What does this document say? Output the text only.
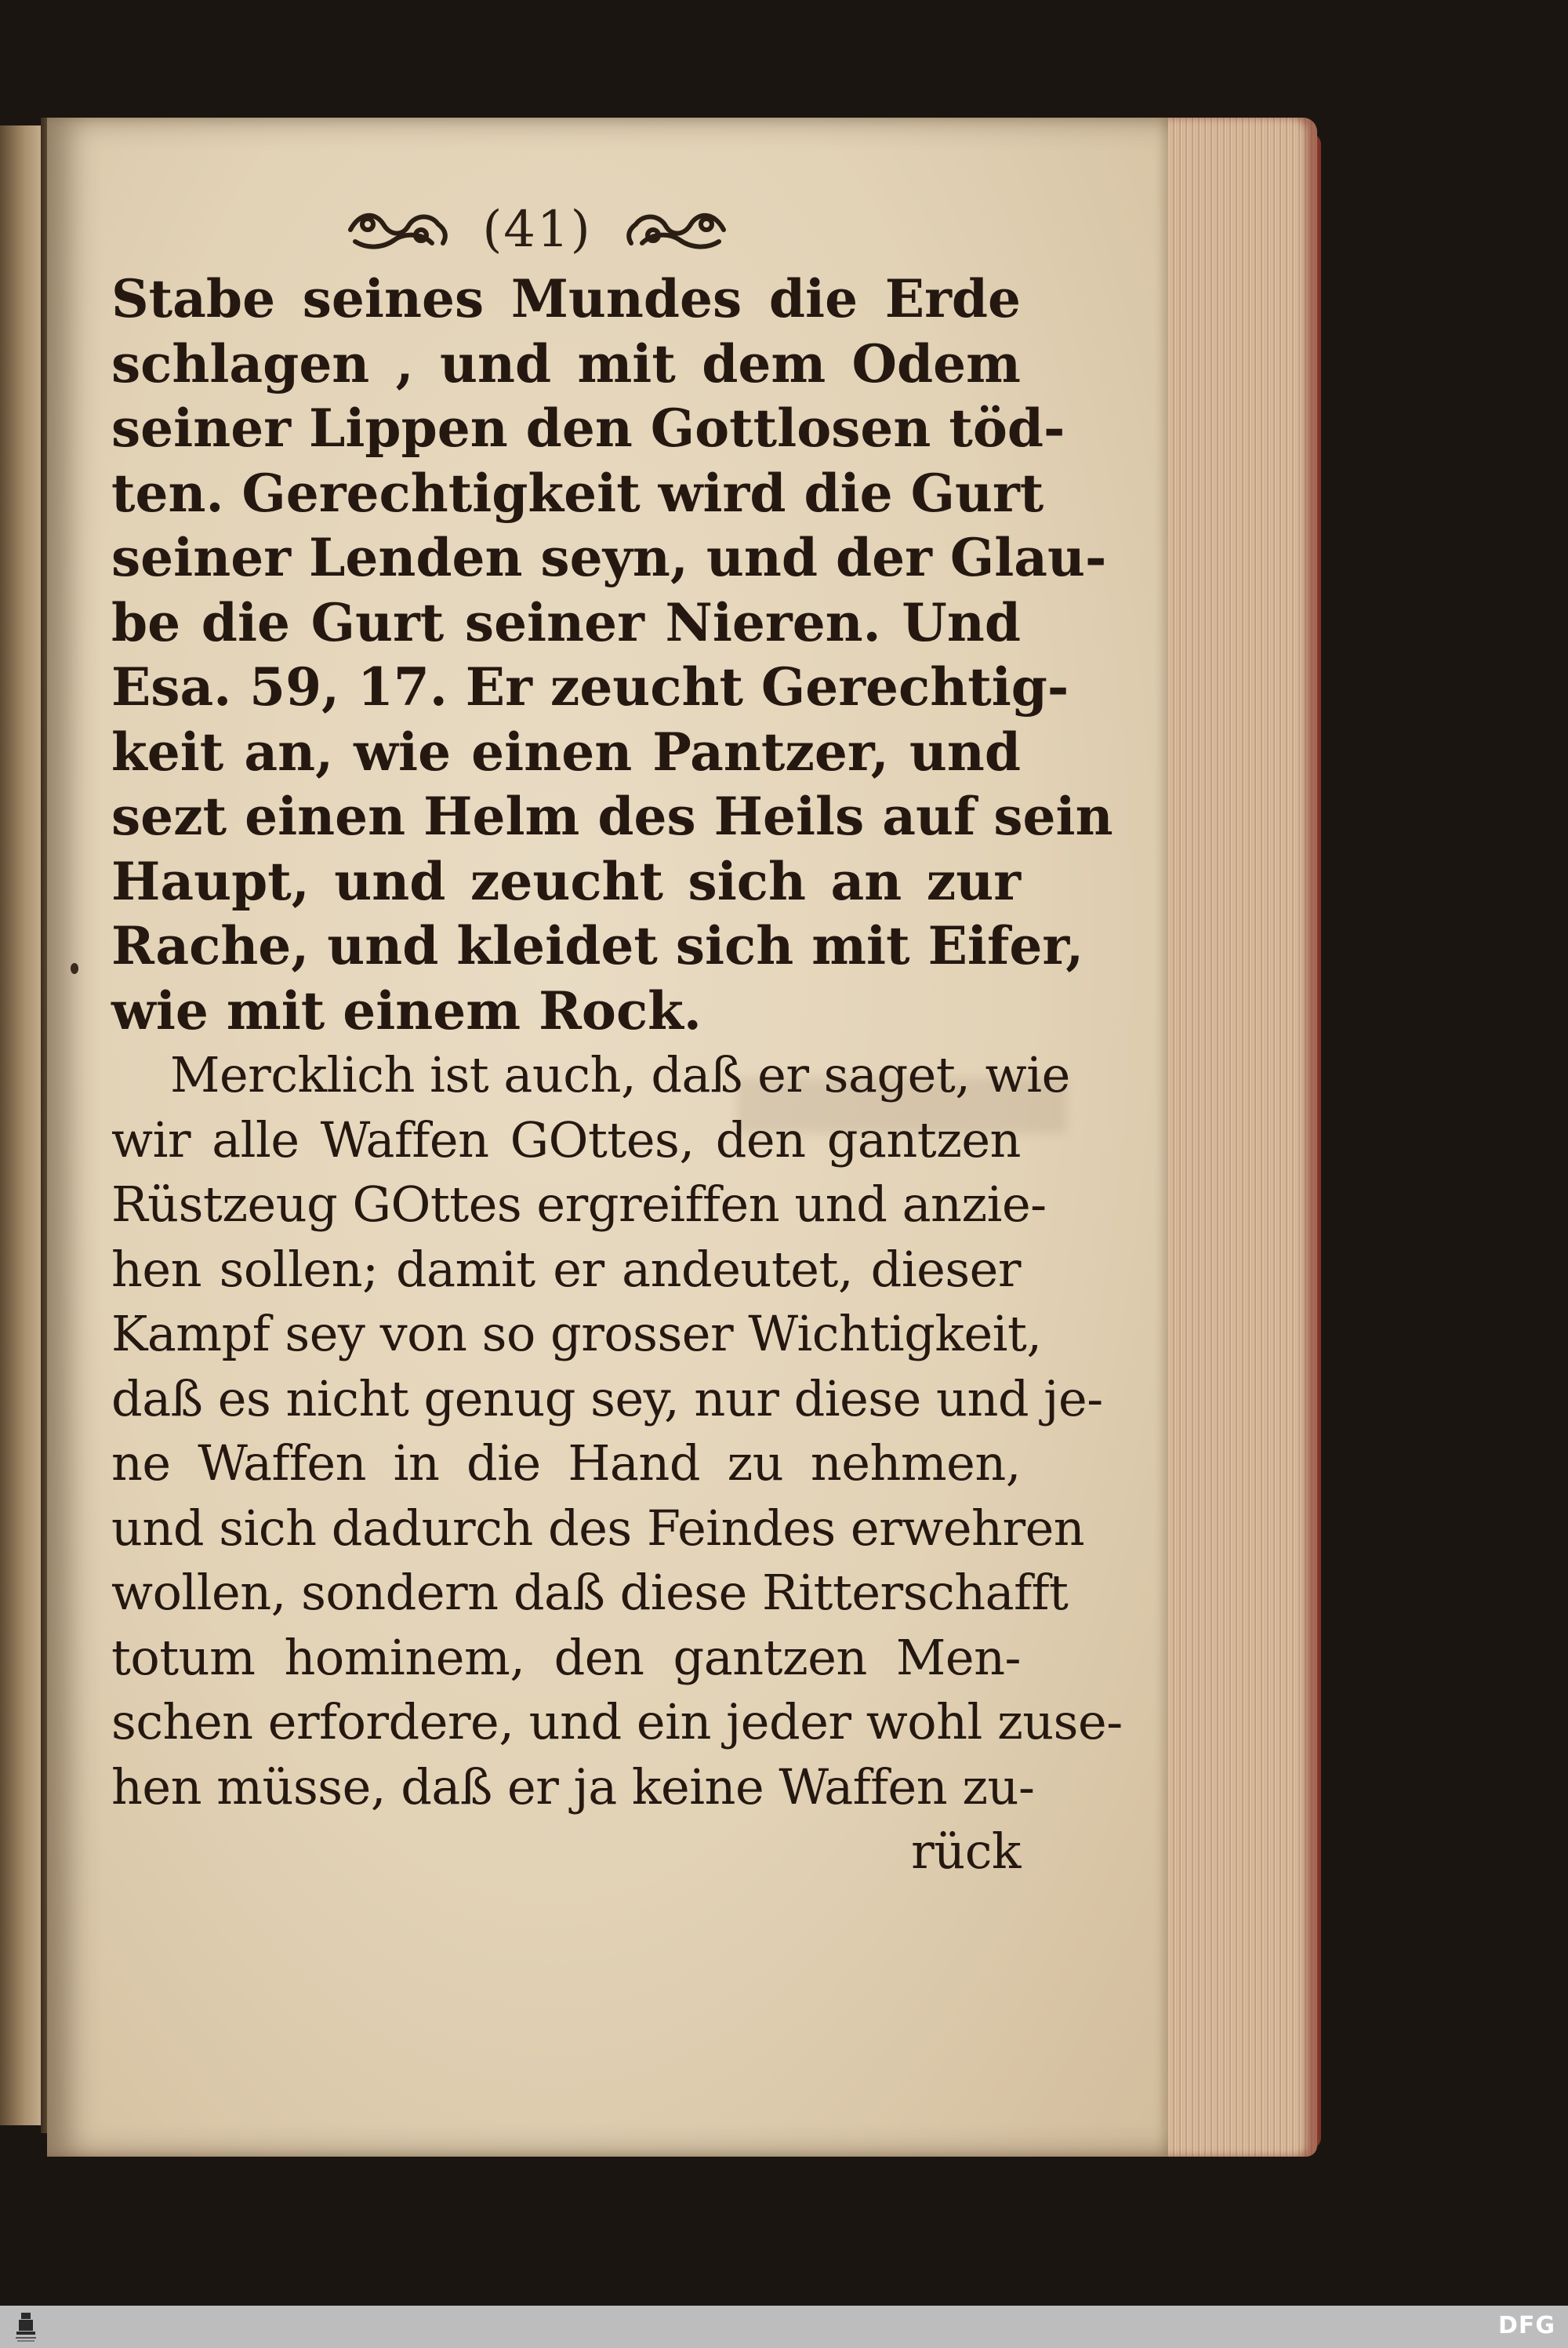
(41)
Stabe seines Mundes die Erde
schlagen , und mit dem Odem
seiner Lippen den Gottlosen töd-
ten. Gerechtigkeit wird die Gurt
seiner Lenden seyn, und der Glau-
be die Gurt seiner Nieren. Und
Esa. 59, 17. Er zeucht Gerechtig-
keit an, wie einen Pantzer, und
sezt einen Helm des Heils auf sein
Haupt, und zeucht sich an zur
Rache, und kleidet sich mit Eifer,
wie mit einem Rock.
Mercklich ist auch, daß er saget, wie
wir alle Waffen GOttes, den gantzen
Rüstzeug GOttes ergreiffen und anzie-
hen sollen; damit er andeutet, dieser
Kampf sey von so grosser Wichtigkeit,
daß es nicht genug sey, nur diese und je-
ne Waffen in die Hand zu nehmen,
und sich dadurch des Feindes erwehren
wollen, sondern daß diese Ritterschafft
totum hominem, den gantzen Men-
schen erfordere, und ein jeder wohl zuse-
hen müsse, daß er ja keine Waffen zu-
rück
DFG
